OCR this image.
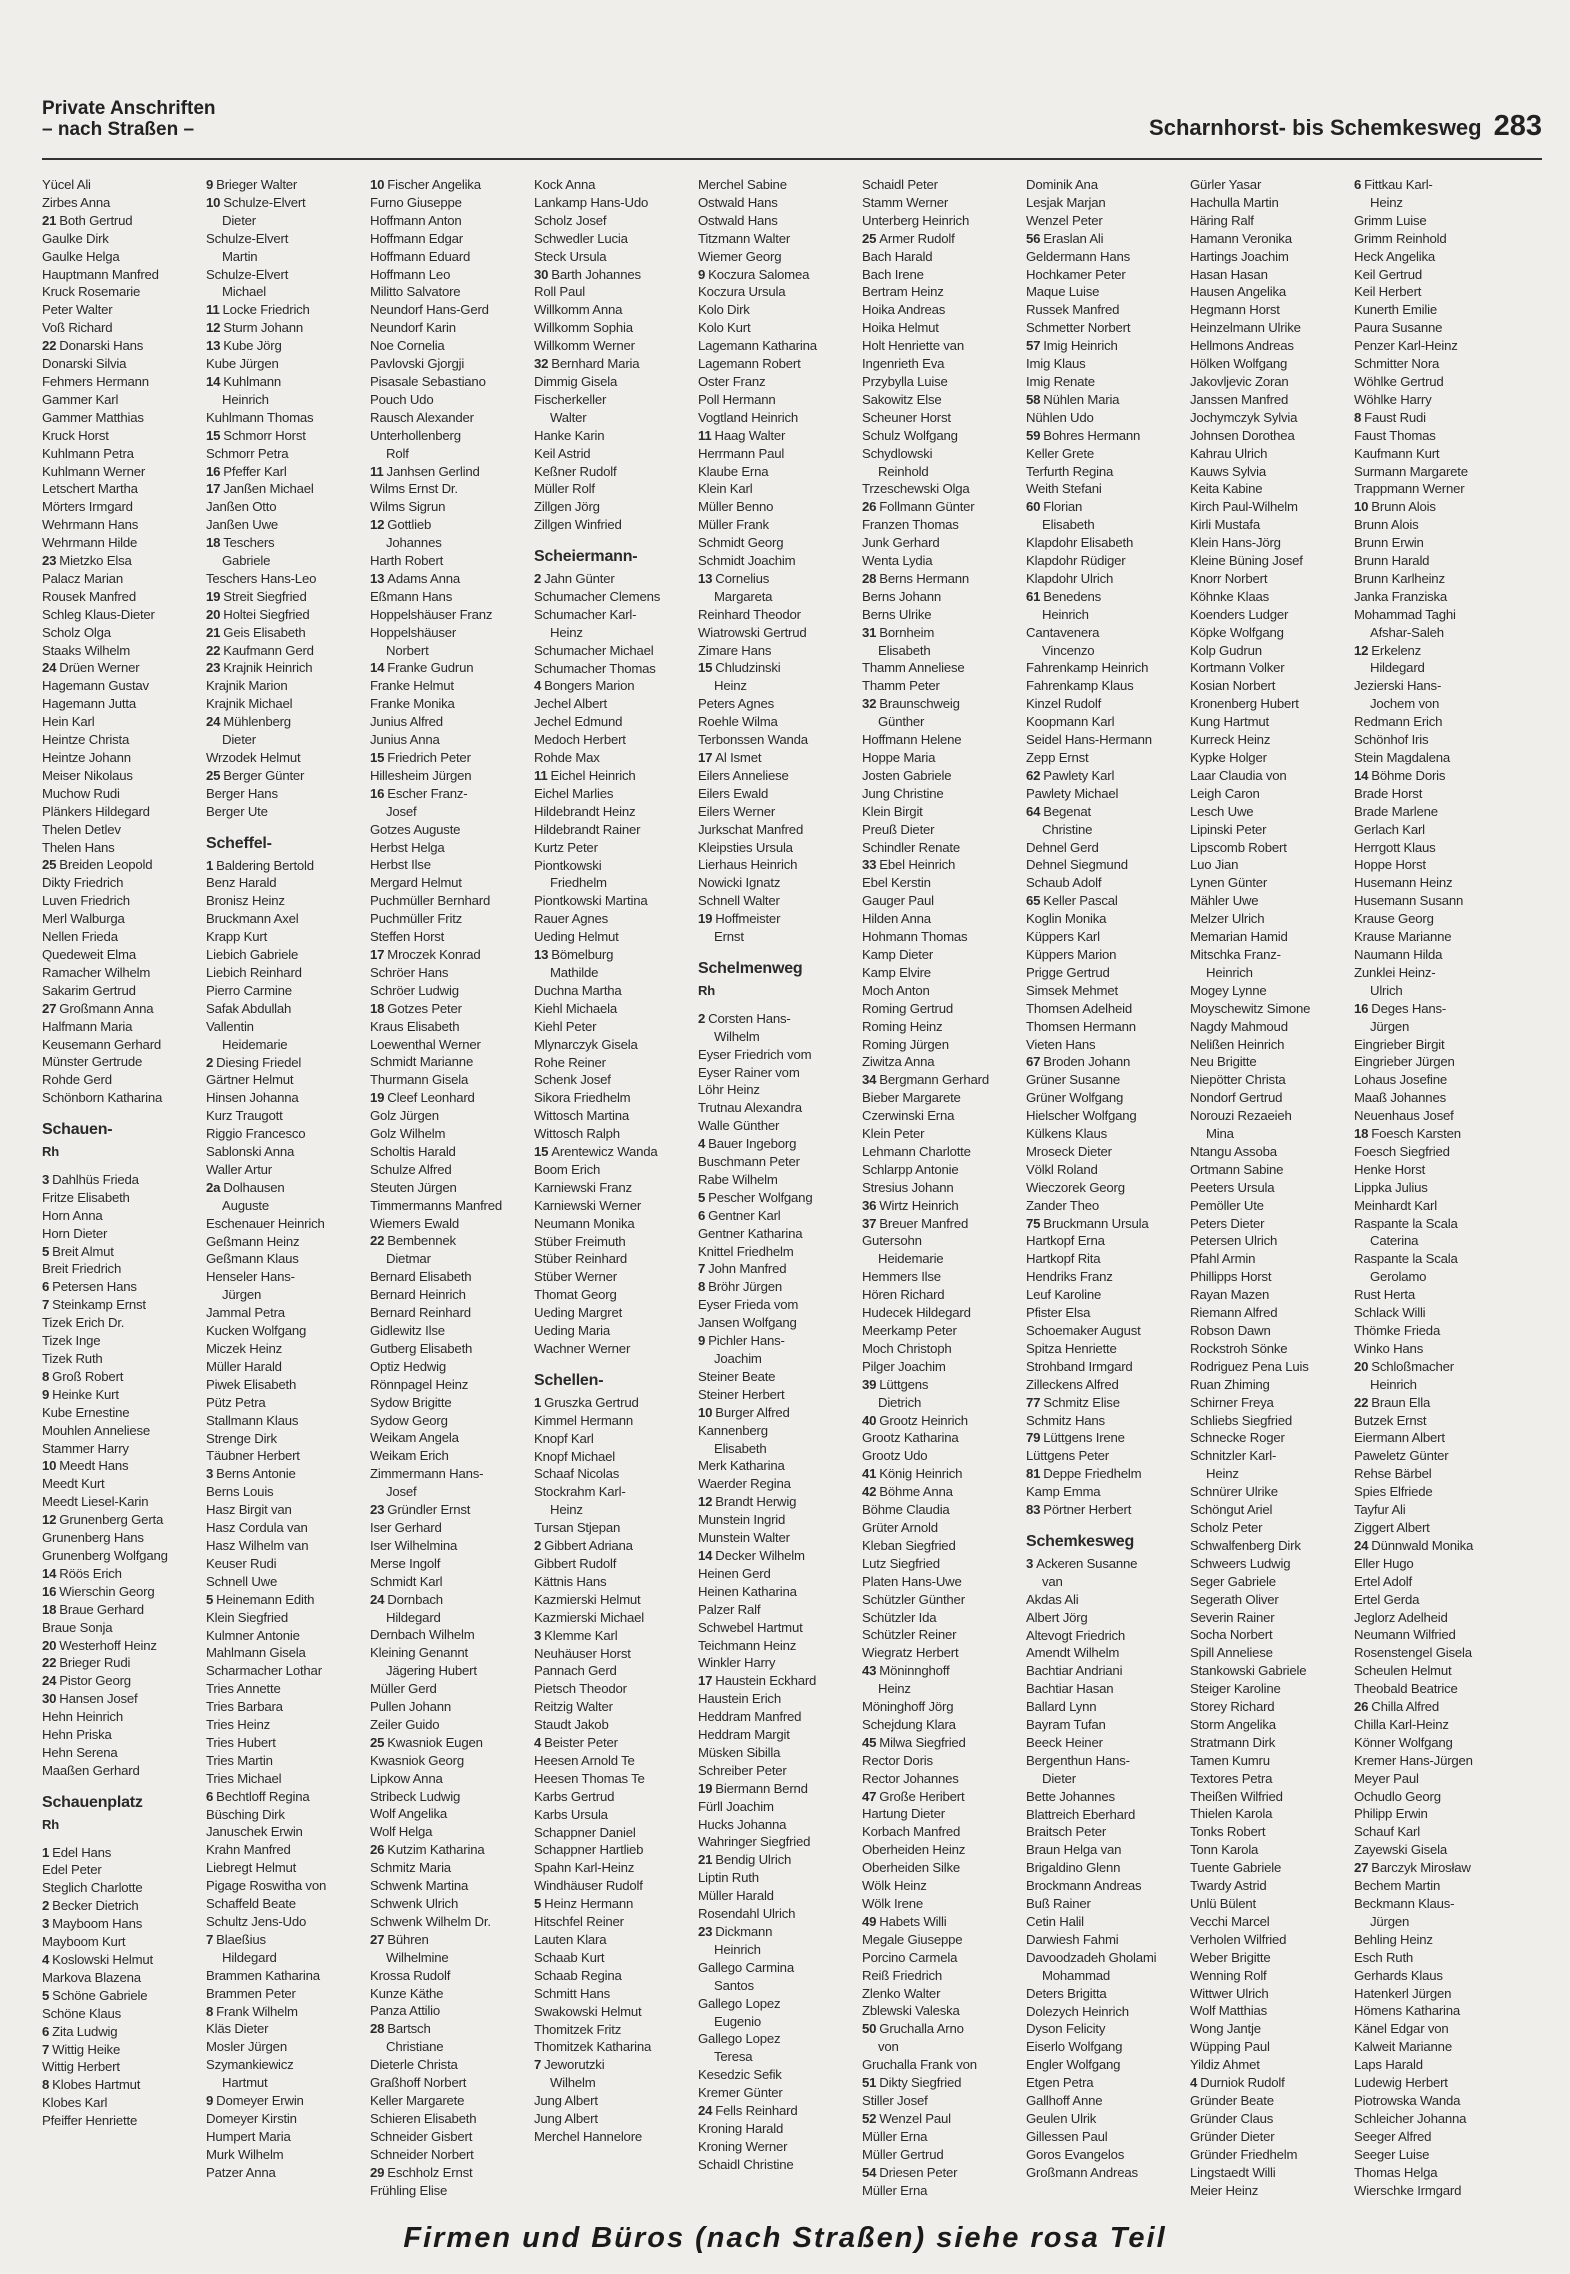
Private Anschriften
– nach Straßen –	Scharnhorst- bis Schemkesweg 283
Yücel Ali
Zirbes Anna
21 Both Gertrud
Gaulke Dirk
Gaulke Helga
Hauptmann Manfred
Kruck Rosemarie
Peter Walter
Voß Richard
22 Donarski Hans
Donarski Silvia
Fehmers Hermann
Gammer Karl
Gammer Matthias
Kruck Horst
Kuhlmann Petra
Kuhlmann Werner
Letschert Martha
Mörters Irmgard
Wehrmann Hans
Wehrmann Hilde
23 Mietzko Elsa
Palacz Marian
Rousek Manfred
Schleg Klaus-Dieter
Scholz Olga
Staaks Wilhelm
24 Drüen Werner
Hagemann Gustav
Hagemann Jutta
Hein Karl
Heintze Christa
Heintze Johann
Meiser Nikolaus
Muchow Rudi
Plänkers Hildegard
Thelen Detlev
Thelen Hans
25 Breiden Leopold
Dikty Friedrich
Luven Friedrich
Merl Walburga
Nellen Frieda
Quedeweit Elma
Ramacher Wilhelm
Sakarim Gertrud
27 Großmann Anna
Halfmann Maria
Keusemann Gerhard
Münster Gertrude
Rohde Gerd
Schönborn Katharina
Schauen-
Rh
3 Dahlhüs Frieda
Fritze Elisabeth
Horn Anna
Horn Dieter
5 Breit Almut
Breit Friedrich
6 Petersen Hans
7 Steinkamp Ernst
Tizek Erich Dr.
Tizek Inge
Tizek Ruth
8 Groß Robert
9 Heinke Kurt
Kube Ernestine
Mouhlen Anneliese
Stammer Harry
10 Meedt Hans
Meedt Kurt
Meedt Liesel-Karin
12 Grunenberg Gerta
Grunenberg Hans
Grunenberg Wolfgang
14 Röös Erich
16 Wierschin Georg
18 Braue Gerhard
Braue Sonja
20 Westerhoff Heinz
22 Brieger Rudi
24 Pistor Georg
30 Hansen Josef
Hehn Heinrich
Hehn Priska
Hehn Serena
Maaßen Gerhard
Schauenplatz
Rh
1 Edel Hans
Edel Peter
Steglich Charlotte
2 Becker Dietrich
3 Mayboom Hans
Mayboom Kurt
4 Koslowski Helmut
Markova Blazena
5 Schöne Gabriele
Schöne Klaus
6 Zita Ludwig
7 Wittig Heike
Wittig Herbert
8 Klobes Hartmut
Klobes Karl
Pfeiffer Henriette
9 Brieger Walter
10 Schulze-Elvert
Dieter
Schulze-Elvert
Martin
Schulze-Elvert
Michael
11 Locke Friedrich
12 Sturm Johann
13 Kube Jörg
Kube Jürgen
14 Kuhlmann
Heinrich
Kuhlmann Thomas
15 Schmorr Horst
Schmorr Petra
16 Pfeffer Karl
17 Janßen Michael
Janßen Otto
Janßen Uwe
18 Teschers
Gabriele
Teschers Hans-Leo
19 Streit Siegfried
20 Holtei Siegfried
21 Geis Elisabeth
22 Kaufmann Gerd
23 Krajnik Heinrich
Krajnik Marion
Krajnik Michael
24 Mühlenberg
Dieter
Wrzodek Helmut
25 Berger Günter
Berger Hans
Berger Ute
Scheffel-
1 Baldering Bertold
Benz Harald
Bronisz Heinz
Bruckmann Axel
Krapp Kurt
Liebich Gabriele
Liebich Reinhard
Pierro Carmine
Safak Abdullah
Vallentin
Heidemarie
2 Diesing Friedel
Gärtner Helmut
Hinsen Johanna
Kurz Traugott
Riggio Francesco
Sablonski Anna
Waller Artur
2a Dolhausen
Auguste
Eschenauer Heinrich
Geßmann Heinz
Geßmann Klaus
Henseler Hans-
Jürgen
Jammal Petra
Kucken Wolfgang
Miczek Heinz
Müller Harald
Piwek Elisabeth
Pütz Petra
Stallmann Klaus
Strenge Dirk
Täubner Herbert
3 Berns Antonie
Berns Louis
Hasz Birgit van
Hasz Cordula van
Hasz Wilhelm van
Keuser Rudi
Schnell Uwe
5 Heinemann Edith
Klein Siegfried
Kulmner Antonie
Mahlmann Gisela
Scharmacher Lothar
Tries Annette
Tries Barbara
Tries Heinz
Tries Hubert
Tries Martin
Tries Michael
6 Bechtloff Regina
Büsching Dirk
Januschek Erwin
Krahn Manfred
Liebregt Helmut
Pigage Roswitha von
Schaffeld Beate
Schultz Jens-Udo
7 Blaeßius
Hildegard
Brammen Katharina
Brammen Peter
8 Frank Wilhelm
Kläs Dieter
Mosler Jürgen
Szymankiewicz
Hartmut
9 Domeyer Erwin
Domeyer Kirstin
Humpert Maria
Murk Wilhelm
Patzer Anna
10 Fischer Angelika
Furno Giuseppe
Hoffmann Anton
Hoffmann Edgar
Hoffmann Eduard
Hoffmann Leo
Militto Salvatore
Neundorf Hans-Gerd
Neundorf Karin
Noe Cornelia
Pavlovski Gjorgji
Pisasale Sebastiano
Pouch Udo
Rausch Alexander
Unterhollenberg
Rolf
11 Janhsen Gerlind
Wilms Ernst Dr.
Wilms Sigrun
12 Gottlieb
Johannes
Harth Robert
13 Adams Anna
Eßmann Hans
Hoppelshäuser Franz
Hoppelshäuser
Norbert
14 Franke Gudrun
Franke Helmut
Franke Monika
Junius Alfred
Junius Anna
15 Friedrich Peter
Hillesheim Jürgen
16 Escher Franz-
Josef
Gotzes Auguste
Herbst Helga
Herbst Ilse
Mergard Helmut
Puchmüller Bernhard
Puchmüller Fritz
Steffen Horst
17 Mroczek Konrad
Schröer Hans
Schröer Ludwig
18 Gotzes Peter
Kraus Elisabeth
Loewenthal Werner
Schmidt Marianne
Thurmann Gisela
19 Cleef Leonhard
Golz Jürgen
Golz Wilhelm
Scholtis Harald
Schulze Alfred
Steuten Jürgen
Timmermanns Manfred
Wiemers Ewald
22 Bembennek
Dietmar
Bernard Elisabeth
Bernard Heinrich
Bernard Reinhard
Gidlewitz Ilse
Gutberg Elisabeth
Optiz Hedwig
Rönnpagel Heinz
Sydow Brigitte
Sydow Georg
Weikam Angela
Weikam Erich
Zimmermann Hans-
Josef
23 Gründler Ernst
Iser Gerhard
Iser Wilhelmina
Merse Ingolf
Schmidt Karl
24 Dornbach
Hildegard
Dernbach Wilhelm
Kleining Genannt
Jägering Hubert
Müller Gerd
Pullen Johann
Zeiler Guido
25 Kwasniok Eugen
Kwasniok Georg
Lipkow Anna
Stribeck Ludwig
Wolf Angelika
Wolf Helga
26 Kutzim Katharina
Schmitz Maria
Schwenk Martina
Schwenk Ulrich
Schwenk Wilhelm Dr.
27 Bühren
Wilhelmine
Krossa Rudolf
Kunze Käthe
Panza Attilio
28 Bartsch
Christiane
Dieterle Christa
Graßhoff Norbert
Keller Margarete
Schieren Elisabeth
Schneider Gisbert
Schneider Norbert
29 Eschholz Ernst
Frühling Elise
Kock Anna
Lankamp Hans-Udo
Scholz Josef
Schwedler Lucia
Steck Ursula
30 Barth Johannes
Roll Paul
Willkomm Anna
Willkomm Sophia
Willkomm Werner
32 Bernhard Maria
Dimmig Gisela
Fischerkeller
Walter
Hanke Karin
Keil Astrid
Keßner Rudolf
Müller Rolf
Zillgen Jörg
Zillgen Winfried
Scheiermann-
2 Jahn Günter
Schumacher Clemens
Schumacher Karl-
Heinz
Schumacher Michael
Schumacher Thomas
4 Bongers Marion
Jechel Albert
Jechel Edmund
Medoch Herbert
Rohde Max
11 Eichel Heinrich
Eichel Marlies
Hildebrandt Heinz
Hildebrandt Rainer
Kurtz Peter
Piontkowski
Friedhelm
Piontkowski Martina
Rauer Agnes
Ueding Helmut
13 Bömelburg
Mathilde
Duchna Martha
Kiehl Michaela
Kiehl Peter
Mlynarczyk Gisela
Rohe Reiner
Schenk Josef
Sikora Friedhelm
Wittosch Martina
Wittosch Ralph
15 Arentewicz Wanda
Boom Erich
Karniewski Franz
Karniewski Werner
Neumann Monika
Stüber Freimuth
Stüber Reinhard
Stüber Werner
Thomat Georg
Ueding Margret
Ueding Maria
Wachner Werner
Schellen-
1 Gruszka Gertrud
Kimmel Hermann
Knopf Karl
Knopf Michael
Schaaf Nicolas
Stockrahm Karl-
Heinz
Tursan Stjepan
2 Gibbert Adriana
Gibbert Rudolf
Kättnis Hans
Kazmierski Helmut
Kazmierski Michael
3 Klemme Karl
Neuhäuser Horst
Pannach Gerd
Pietsch Theodor
Reitzig Walter
Staudt Jakob
4 Beister Peter
Heesen Arnold Te
Heesen Thomas Te
Karbs Gertrud
Karbs Ursula
Schappner Daniel
Schappner Hartlieb
Spahn Karl-Heinz
Windhäuser Rudolf
5 Heinz Hermann
Hitschfel Reiner
Lauten Klara
Schaab Kurt
Schaab Regina
Schmitt Hans
Swakowski Helmut
Thomitzek Fritz
Thomitzek Katharina
7 Jeworutzki
Wilhelm
Jung Albert
Jung Albert
Merchel Hannelore
Merchel Sabine
Ostwald Hans
Ostwald Hans
Titzmann Walter
Wiemer Georg
9 Koczura Salomea
Koczura Ursula
Kolo Dirk
Kolo Kurt
Lagemann Katharina
Lagemann Robert
Oster Franz
Poll Hermann
Vogtland Heinrich
11 Haag Walter
Herrmann Paul
Klaube Erna
Klein Karl
Müller Benno
Müller Frank
Schmidt Georg
Schmidt Joachim
13 Cornelius
Margareta
Reinhard Theodor
Wiatrowski Gertrud
Zimare Hans
15 Chludzinski
Heinz
Peters Agnes
Roehle Wilma
Terbonssen Wanda
17 Al Ismet
Eilers Anneliese
Eilers Ewald
Eilers Werner
Jurkschat Manfred
Kleipsties Ursula
Lierhaus Heinrich
Nowicki Ignatz
Schnell Walter
19 Hoffmeister
Ernst
Schelmenweg
Rh
2 Corsten Hans-
Wilhelm
Eyser Friedrich vom
Eyser Rainer vom
Löhr Heinz
Trutnau Alexandra
Walle Günther
4 Bauer Ingeborg
Buschmann Peter
Rabe Wilhelm
5 Pescher Wolfgang
6 Gentner Karl
Gentner Katharina
Knittel Friedhelm
7 John Manfred
8 Bröhr Jürgen
Eyser Frieda vom
Jansen Wolfgang
9 Pichler Hans-
Joachim
Steiner Beate
Steiner Herbert
10 Burger Alfred
Kannenberg
Elisabeth
Merk Katharina
Waerder Regina
12 Brandt Herwig
Munstein Ingrid
Munstein Walter
14 Decker Wilhelm
Heinen Gerd
Heinen Katharina
Palzer Ralf
Schwebel Hartmut
Teichmann Heinz
Winkler Harry
17 Haustein Eckhard
Haustein Erich
Heddram Manfred
Heddram Margit
Müsken Sibilla
Schreiber Peter
19 Biermann Bernd
Fürll Joachim
Hucks Johanna
Wahringer Siegfried
21 Bendig Ulrich
Liptin Ruth
Müller Harald
Rosendahl Ulrich
23 Dickmann
Heinrich
Gallego Carmina
Santos
Gallego Lopez
Eugenio
Gallego Lopez
Teresa
Kesedzic Sefik
Kremer Günter
24 Fells Reinhard
Kroning Harald
Kroning Werner
Schaidl Christine
Schaidl Peter
Stamm Werner
Unterberg Heinrich
25 Armer Rudolf
Bach Harald
Bach Irene
Bertram Heinz
Hoika Andreas
Hoika Helmut
Holt Henriette van
Ingenrieth Eva
Przybylla Luise
Sakowitz Else
Scheuner Horst
Schulz Wolfgang
Schydlowski
Reinhold
Trzeschewski Olga
26 Follmann Günter
Franzen Thomas
Junk Gerhard
Wenta Lydia
28 Berns Hermann
Berns Johann
Berns Ulrike
31 Bornheim
Elisabeth
Thamm Anneliese
Thamm Peter
32 Braunschweig
Günther
Hoffmann Helene
Hoppe Maria
Josten Gabriele
Jung Christine
Klein Birgit
Preuß Dieter
Schindler Renate
33 Ebel Heinrich
Ebel Kerstin
Gauger Paul
Hilden Anna
Hohmann Thomas
Kamp Dieter
Kamp Elvire
Moch Anton
Roming Gertrud
Roming Heinz
Roming Jürgen
Ziwitza Anna
34 Bergmann Gerhard
Bieber Margarete
Czerwinski Erna
Klein Peter
Lehmann Charlotte
Schlarpp Antonie
Stresius Johann
36 Wirtz Heinrich
37 Breuer Manfred
Gutersohn
Heidemarie
Hemmers Ilse
Hören Richard
Hudecek Hildegard
Meerkamp Peter
Moch Christoph
Pilger Joachim
39 Lüttgens
Dietrich
40 Grootz Heinrich
Grootz Katharina
Grootz Udo
41 König Heinrich
42 Böhme Anna
Böhme Claudia
Grüter Arnold
Kleban Siegfried
Lutz Siegfried
Platen Hans-Uwe
Schützler Günther
Schützler Ida
Schützler Reiner
Wiegratz Herbert
43 Möninnghoff
Heinz
Möninghoff Jörg
Schejdung Klara
45 Milwa Siegfried
Rector Doris
Rector Johannes
47 Große Heribert
Hartung Dieter
Korbach Manfred
Oberheiden Heinz
Oberheiden Silke
Wölk Heinz
Wölk Irene
49 Habets Willi
Megale Giuseppe
Porcino Carmela
Reiß Friedrich
Zlenko Walter
Zblewski Valeska
50 Gruchalla Arno
von
Gruchalla Frank von
51 Dikty Siegfried
Stiller Josef
52 Wenzel Paul
Müller Erna
Müller Gertrud
54 Driesen Peter
Müller Erna
Dominik Ana
Lesjak Marjan
Wenzel Peter
56 Eraslan Ali
Geldermann Hans
Hochkamer Peter
Maque Luise
Russek Manfred
Schmetter Norbert
57 Imig Heinrich
Imig Klaus
Imig Renate
58 Nühlen Maria
Nühlen Udo
59 Bohres Hermann
Keller Grete
Terfurth Regina
Weith Stefani
60 Florian
Elisabeth
Klapdohr Elisabeth
Klapdohr Rüdiger
Klapdohr Ulrich
61 Benedens
Heinrich
Cantavenera
Vincenzo
Fahrenkamp Heinrich
Fahrenkamp Klaus
Kinzel Rudolf
Koopmann Karl
Seidel Hans-Hermann
Zepp Ernst
62 Pawlety Karl
Pawlety Michael
64 Begenat
Christine
Dehnel Gerd
Dehnel Siegmund
Schaub Adolf
65 Keller Pascal
Koglin Monika
Küppers Karl
Küppers Marion
Prigge Gertrud
Simsek Mehmet
Thomsen Adelheid
Thomsen Hermann
Vieten Hans
67 Broden Johann
Grüner Susanne
Grüner Wolfgang
Hielscher Wolfgang
Külkens Klaus
Mroseck Dieter
Völkl Roland
Wieczorek Georg
Zander Theo
75 Bruckmann Ursula
Hartkopf Erna
Hartkopf Rita
Hendriks Franz
Leuf Karoline
Pfister Elsa
Schoemaker August
Spitza Henriette
Strohband Irmgard
Zilleckens Alfred
77 Schmitz Elise
Schmitz Hans
79 Lüttgens Irene
Lüttgens Peter
81 Deppe Friedhelm
Kamp Emma
83 Pörtner Herbert
Schemkesweg
3 Ackeren Susanne
van
Akdas Ali
Albert Jörg
Altevogt Friedrich
Amendt Wilhelm
Bachtiar Andriani
Bachtiar Hasan
Ballard Lynn
Bayram Tufan
Beeck Heiner
Bergenthun Hans-
Dieter
Bette Johannes
Blattreich Eberhard
Braitsch Peter
Braun Helga van
Brigaldino Glenn
Brockmann Andreas
Buß Rainer
Cetin Halil
Darwiesh Fahmi
Davoodzadeh Gholami
Mohammad
Deters Brigitta
Dolezych Heinrich
Dyson Felicity
Eiserlo Wolfgang
Engler Wolfgang
Etgen Petra
Gallhoff Anne
Geulen Ulrik
Gillessen Paul
Goros Evangelos
Großmann Andreas
Gürler Yasar
Hachulla Martin
Häring Ralf
Hamann Veronika
Hartings Joachim
Hasan Hasan
Hausen Angelika
Hegmann Horst
Heinzelmann Ulrike
Hellmons Andreas
Hölken Wolfgang
Jakovljevic Zoran
Janssen Manfred
Jochymczyk Sylvia
Johnsen Dorothea
Kahrau Ulrich
Kauws Sylvia
Keita Kabine
Kirch Paul-Wilhelm
Kirli Mustafa
Klein Hans-Jörg
Kleine Büning Josef
Knorr Norbert
Köhnke Klaas
Koenders Ludger
Köpke Wolfgang
Kolp Gudrun
Kortmann Volker
Kosian Norbert
Kronenberg Hubert
Kung Hartmut
Kurreck Heinz
Kypke Holger
Laar Claudia von
Leigh Caron
Lesch Uwe
Lipinski Peter
Lipscomb Robert
Luo Jian
Lynen Günter
Mähler Uwe
Melzer Ulrich
Memarian Hamid
Mitschka Franz-
Heinrich
Mogey Lynne
Moyschewitz Simone
Nagdy Mahmoud
Nelißen Heinrich
Neu Brigitte
Niepötter Christa
Nondorf Gertrud
Norouzi Rezaeieh
Mina
Ntangu Assoba
Ortmann Sabine
Peeters Ursula
Pemöller Ute
Peters Dieter
Petersen Ulrich
Pfahl Armin
Phillipps Horst
Rayan Mazen
Riemann Alfred
Robson Dawn
Rockstroh Sönke
Rodriguez Pena Luis
Ruan Zhiming
Schirner Freya
Schliebs Siegfried
Schnecke Roger
Schnitzler Karl-
Heinz
Schnürer Ulrike
Schöngut Ariel
Scholz Peter
Schwalfenberg Dirk
Schweers Ludwig
Seger Gabriele
Segerath Oliver
Severin Rainer
Socha Norbert
Spill Anneliese
Stankowski Gabriele
Steiger Karoline
Storey Richard
Storm Angelika
Stratmann Dirk
Tamen Kumru
Textores Petra
Theißen Wilfried
Thielen Karola
Tonks Robert
Tonn Karola
Tuente Gabriele
Twardy Astrid
Unlü Bülent
Vecchi Marcel
Verholen Wilfried
Weber Brigitte
Wenning Rolf
Wittwer Ulrich
Wolf Matthias
Wong Jantje
Wüpping Paul
Yildiz Ahmet
4 Durniok Rudolf
Gründer Beate
Gründer Claus
Gründer Dieter
Gründer Friedhelm
Lingstaedt Willi
Meier Heinz
6 Fittkau Karl-
Heinz
Grimm Luise
Grimm Reinhold
Heck Angelika
Keil Gertrud
Keil Herbert
Kunerth Emilie
Paura Susanne
Penzer Karl-Heinz
Schmitter Nora
Wöhlke Gertrud
Wöhlke Harry
8 Faust Rudi
Faust Thomas
Kaufmann Kurt
Surmann Margarete
Trappmann Werner
10 Brunn Alois
Brunn Alois
Brunn Erwin
Brunn Harald
Brunn Karlheinz
Janka Franziska
Mohammad Taghi
Afshar-Saleh
12 Erkelenz
Hildegard
Jezierski Hans-
Jochem von
Redmann Erich
Schönhof Iris
Stein Magdalena
14 Böhme Doris
Brade Horst
Brade Marlene
Gerlach Karl
Herrgott Klaus
Hoppe Horst
Husemann Heinz
Husemann Susann
Krause Georg
Krause Marianne
Naumann Hilda
Zunklei Heinz-
Ulrich
16 Deges Hans-
Jürgen
Eingrieber Birgit
Eingrieber Jürgen
Lohaus Josefine
Maaß Johannes
Neuenhaus Josef
18 Foesch Karsten
Foesch Siegfried
Henke Horst
Lippka Julius
Meinhardt Karl
Raspante la Scala
Caterina
Raspante la Scala
Gerolamo
Rust Herta
Schlack Willi
Thömke Frieda
Winko Hans
20 Schloßmacher
Heinrich
22 Braun Ella
Butzek Ernst
Eiermann Albert
Paweletz Günter
Rehse Bärbel
Spies Elfriede
Tayfur Ali
Ziggert Albert
24 Dünnwald Monika
Eller Hugo
Ertel Adolf
Ertel Gerda
Jeglorz Adelheid
Neumann Wilfried
Rosenstengel Gisela
Scheulen Helmut
Theobald Beatrice
26 Chilla Alfred
Chilla Karl-Heinz
Könner Wolfgang
Kremer Hans-Jürgen
Meyer Paul
Ochudlo Georg
Philipp Erwin
Schauf Karl
Zayewski Gisela
27 Barczyk Mirosław
Bechem Martin
Beckmann Klaus-
Jürgen
Behling Heinz
Esch Ruth
Gerhards Klaus
Hatenkerl Jürgen
Hömens Katharina
Känel Edgar von
Kalweit Marianne
Laps Harald
Ludewig Herbert
Piotrowska Wanda
Schleicher Johanna
Seeger Alfred
Seeger Luise
Thomas Helga
Wierschke Irmgard
Firmen und Büros (nach Straßen) siehe rosa Teil
